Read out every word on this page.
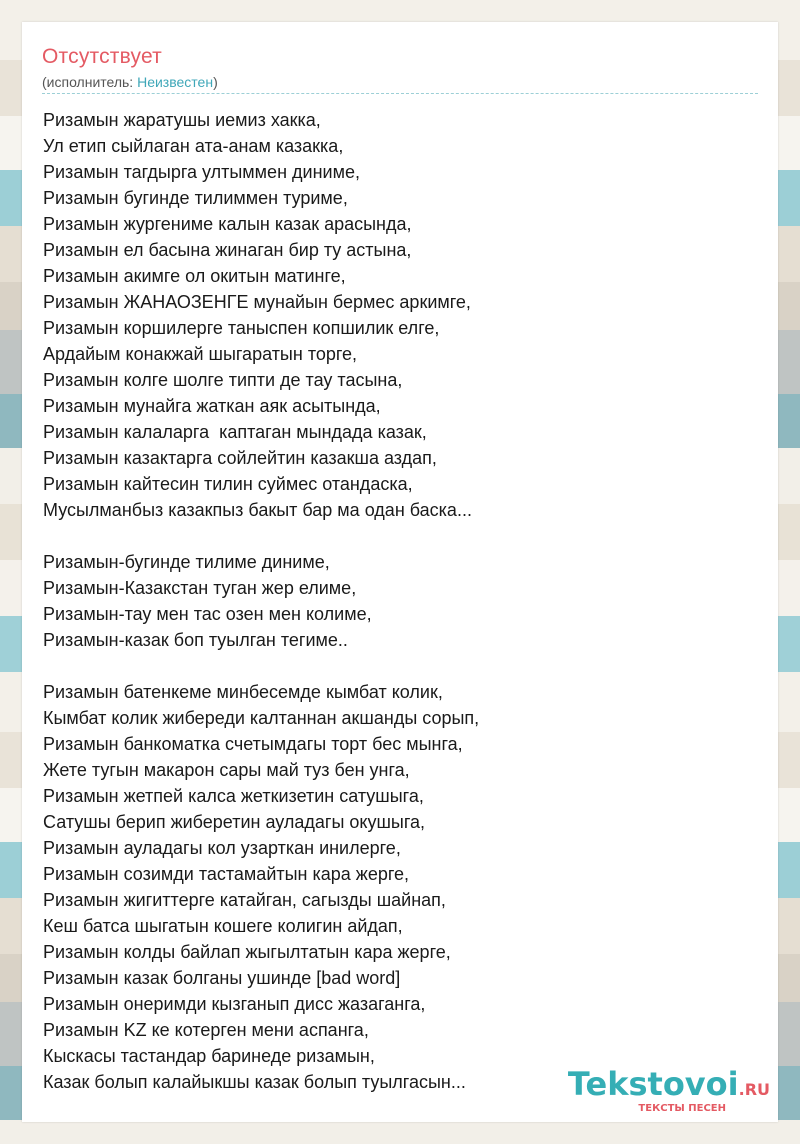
Отсутствует
(исполнитель: Неизвестен)
Ризамын жаратушы иемиз хакка,
Ул етип сыйлаган ата-анам казакка,
Ризамын тагдырга ултыммен диниме,
Ризамын бугинде тилиммен туриме,
Ризамын жургениме калын казак арасында,
Ризамын ел басына жинаган бир ту астына,
Ризамын акимге ол окитын матинге,
Ризамын ЖАНАОЗЕНГЕ мунайын бермес аркимге,
Ризамын коршилерге таныспен копшилик елге,
Ардайым конакжай шыгаратын торге,
Ризамын колге шолге типти де тау тасына,
Ризамын мунайга жаткан аяк асытында,
Ризамын калаларга  каптаган мындада казак,
Ризамын казактарга сойлейтин казакша аздап,
Ризамын кайтесин тилин суймес отандаска,
Мусылманбыз казакпыз бакыт бар ма одан баска...
Ризамын-бугинде тилиме диниме,
Ризамын-Казакстан туган жер елиме,
Ризамын-тау мен тас озен мен колиме,
Ризамын-казак боп туылган тегиме..
Ризамын батенкеме минбесемде кымбат колик,
Кымбат колик жибереди калтаннан акшанды сорып,
Ризамын банкоматка счетымдагы торт бес мынга,
Жете тугын макарон сары май туз бен унга,
Ризамын жетпей калса жеткизетин сатушыга,
Сатушы берип жиберетин ауладагы окушыга,
Ризамын ауладагы кол узарткан инилерге,
Ризамын созимди тастамайтын кара жерге,
Ризамын жигиттерге катайган, сагызды шайнап,
Кеш батса шыгатын кошеге колигин айдап,
Ризамын колды байлап жыгылтатын кара жерге,
Ризамын казак болганы ушинде [bad word]
Ризамын онеримди кызганып дисс жазаганга,
Ризамын KZ ке котерген мени аспанга,
Кыскасы тастандар баринеде ризамын,
Казак болып калайыкшы казак болып туылгасын...	Tekstovoi.RU
ТЕКСТЫ ПЕСЕН
